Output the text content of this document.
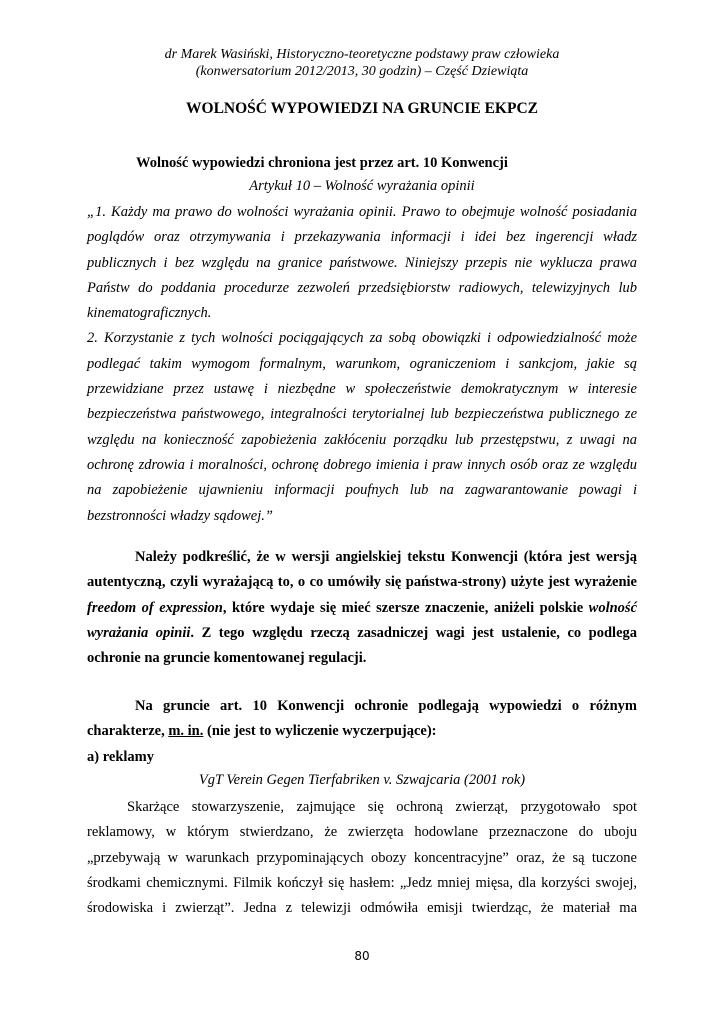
dr Marek Wasiński, Historyczno-teoretyczne podstawy praw człowieka
(konwersatorium 2012/2013, 30 godzin) – Część Dziewiąta
WOLNOŚĆ WYPOWIEDZI NA GRUNCIE EKPCZ
Wolność wypowiedzi chroniona jest przez art. 10 Konwencji
Artykuł 10 – Wolność wyrażania opinii
„1. Każdy ma prawo do wolności wyrażania opinii. Prawo to obejmuje wolność posiadania
poglądów oraz otrzymywania i przekazywania informacji i idei bez ingerencji władz
publicznych i bez względu na granice państwowe. Niniejszy przepis nie wyklucza prawa
Państw do poddania procedurze zezwoleń przedsiębiorstw radiowych, telewizyjnych lub
kinematograficznych.
2. Korzystanie z tych wolności pociągających za sobą obowiązki i odpowiedzialność może
podlegać takim wymogom formalnym, warunkom, ograniczeniom i sankcjom, jakie są
przewidziane przez ustawę i niezbędne w społeczeństwie demokratycznym w interesie
bezpieczeństwa państwowego, integralności terytorialnej lub bezpieczeństwa publicznego ze
względu na konieczność zapobieżenia zakłóceniu porządku lub przestępstwu, z uwagi na
ochronę zdrowia i moralności, ochronę dobrego imienia i praw innych osób oraz ze względu
na zapobieżenie ujawnieniu informacji poufnych lub na zagwarantowanie powagi i
bezstronności władzy sądowej.”
Należy podkreślić, że w wersji angielskiej tekstu Konwencji (która jest wersją
autentyczną, czyli wyrażającą to, o co umówiły się państwa-strony) użyte jest wyrażenie
freedom of expression, które wydaje się mieć szersze znaczenie, aniżeli polskie wolność
wyrażania opinii. Z tego względu rzeczą zasadniczej wagi jest ustalenie, co podlega
ochronie na gruncie komentowanej regulacji.
Na gruncie art. 10 Konwencji ochronie podlegają wypowiedzi o różnym
charakterze, m. in. (nie jest to wyliczenie wyczerpujące):
a) reklamy
VgT Verein Gegen Tierfabriken v. Szwajcaria (2001 rok)
Skarżące stowarzyszenie, zajmujące się ochroną zwierząt, przygotowało spot
reklamowy, w którym stwierdzano, że zwierzęta hodowlane przeznaczone do uboju
„przebywają w warunkach przypominających obozy koncentracyjne” oraz, że są tuczone
środkami chemicznymi. Filmik kończył się hasłem: „Jedz mniej mięsa, dla korzyści swojej,
środowiska i zwierząt”. Jedna z telewizji odmówiła emisji twierdząc, że materiał ma
80
